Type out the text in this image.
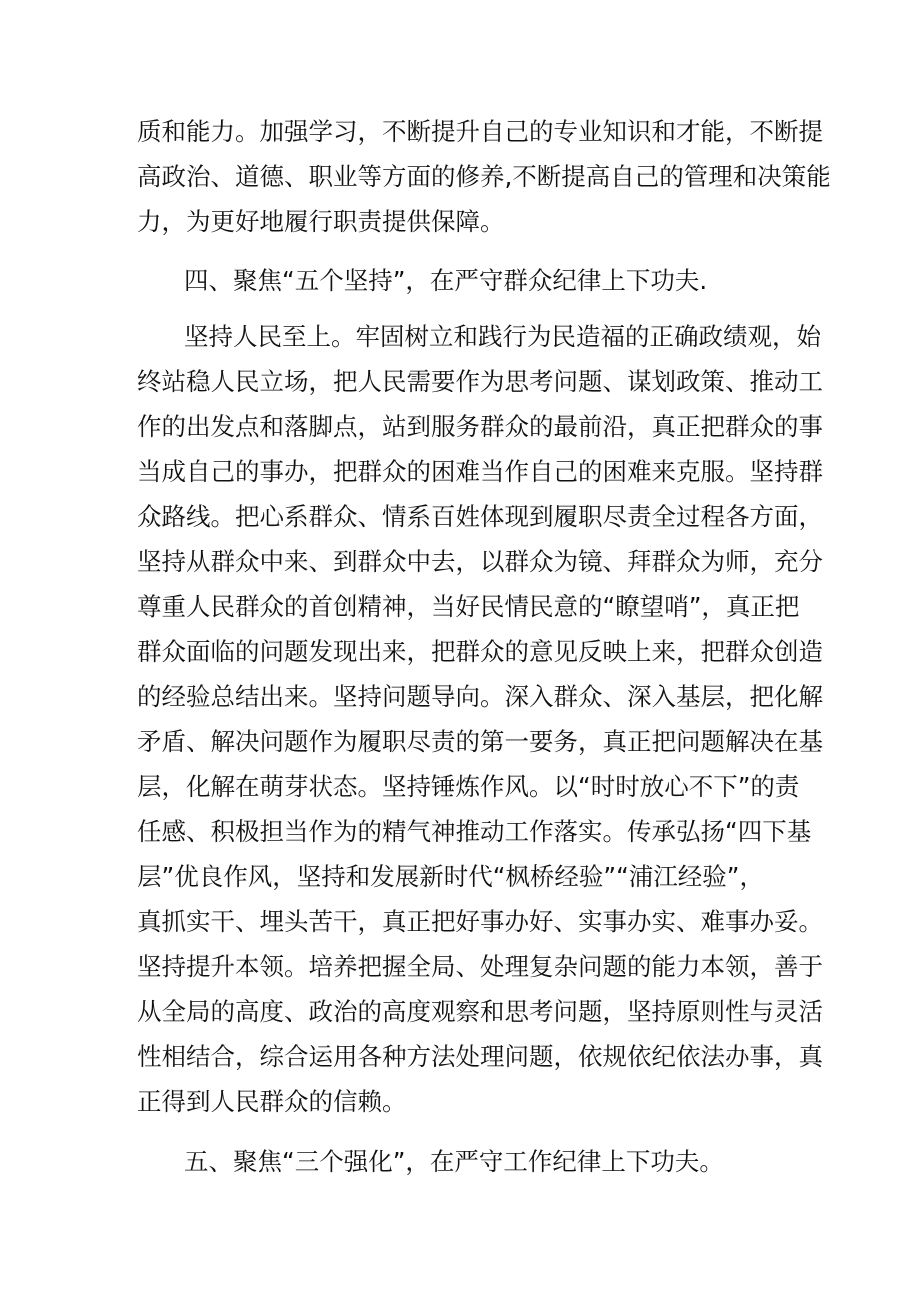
质和能力。加强学习，不断提升自己的专业知识和才能，不断提
高政治、道德、职业等方面的修养,不断提高自己的管理和决策能
力，为更好地履行职责提供保障。
四、聚焦“五个坚持”，在严守群众纪律上下功夫.
坚持人民至上。牢固树立和践行为民造福的正确政绩观，始
终站稳人民立场，把人民需要作为思考问题、谋划政策、推动工
作的出发点和落脚点，站到服务群众的最前沿，真正把群众的事
当成自己的事办，把群众的困难当作自己的困难来克服。坚持群
众路线。把心系群众、情系百姓体现到履职尽责全过程各方面，
坚持从群众中来、到群众中去，以群众为镜、拜群众为师，充分
尊重人民群众的首创精神，当好民情民意的“瞭望哨”，真正把
群众面临的问题发现出来，把群众的意见反映上来，把群众创造
的经验总结出来。坚持问题导向。深入群众、深入基层，把化解
矛盾、解决问题作为履职尽责的第一要务，真正把问题解决在基
层，化解在萌芽状态。坚持锤炼作风。以“时时放心不下”的责
任感、积极担当作为的精气神推动工作落实。传承弘扬“四下基
层”优良作风，坚持和发展新时代“枫桥经验”“浦江经验”，
真抓实干、埋头苦干，真正把好事办好、实事办实、难事办妥。
坚持提升本领。培养把握全局、处理复杂问题的能力本领，善于
从全局的高度、政治的高度观察和思考问题，坚持原则性与灵活
性相结合，综合运用各种方法处理问题，依规依纪依法办事，真
正得到人民群众的信赖。
五、聚焦“三个强化”，在严守工作纪律上下功夫。
